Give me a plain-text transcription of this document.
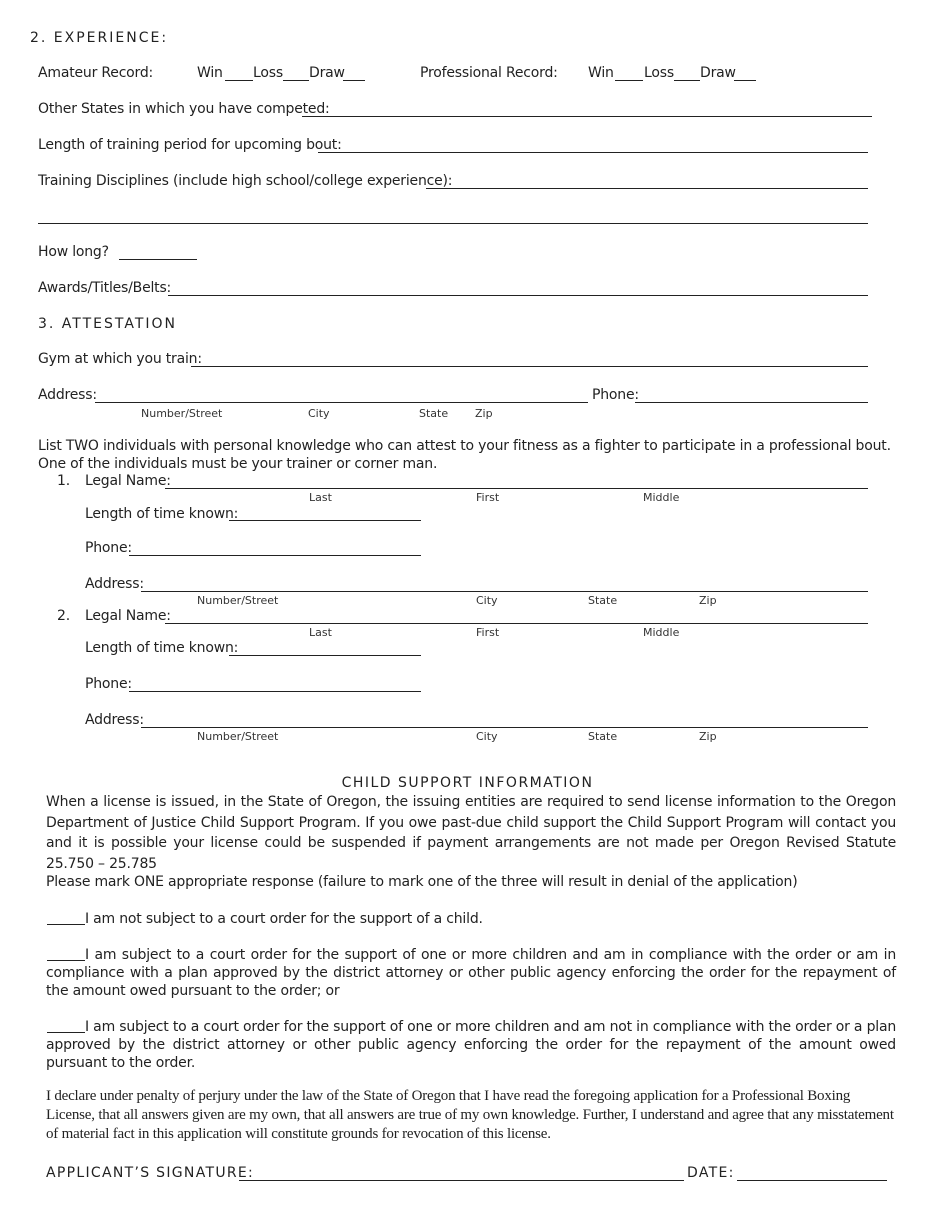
2. EXPERIENCE:
Amateur Record:	Win Loss Draw	Professional Record: Win Loss Draw
Other States in which you have competed:
Length of training period for upcoming bout:
Training Disciplines (include high school/college experience):
How long?
Awards/Titles/Belts:
3. ATTESTATION
Gym at which you train:
Address:	Phone:
Number/Street	City	State Zip
List TWO individuals with personal knowledge who can attest to your fitness as a fighter to participate in a professional bout. One of the individuals must be your trainer or corner man.
1. Legal Name:
Last	First	Middle
Length of time known:
Phone:
Address:
Number/Street	City	State	Zip
2. Legal Name:
Last	First	Middle
Length of time known:
Phone:
Address:
Number/Street	City	State	Zip
CHILD SUPPORT INFORMATION
When a license is issued, in the State of Oregon, the issuing entities are required to send license information to the Oregon Department of Justice Child Support Program. If you owe past-due child support the Child Support Program will contact you and it is possible your license could be suspended if payment arrangements are not made per Oregon Revised Statute 25.750 – 25.785
Please mark ONE appropriate response (failure to mark one of the three will result in denial of the application)
I am not subject to a court order for the support of a child.
I am subject to a court order for the support of one or more children and am in compliance with the order or am in compliance with a plan approved by the district attorney or other public agency enforcing the order for the repayment of the amount owed pursuant to the order; or
I am subject to a court order for the support of one or more children and am not in compliance with the order or a plan approved by the district attorney or other public agency enforcing the order for the repayment of the amount owed pursuant to the order.
I declare under penalty of perjury under the law of the State of Oregon that I have read the foregoing application for a Professional Boxing License, that all answers given are my own, that all answers are true of my own knowledge. Further, I understand and agree that any misstatement of material fact in this application will constitute grounds for revocation of this license.
APPLICANT’S SIGNATURE:	DATE:
